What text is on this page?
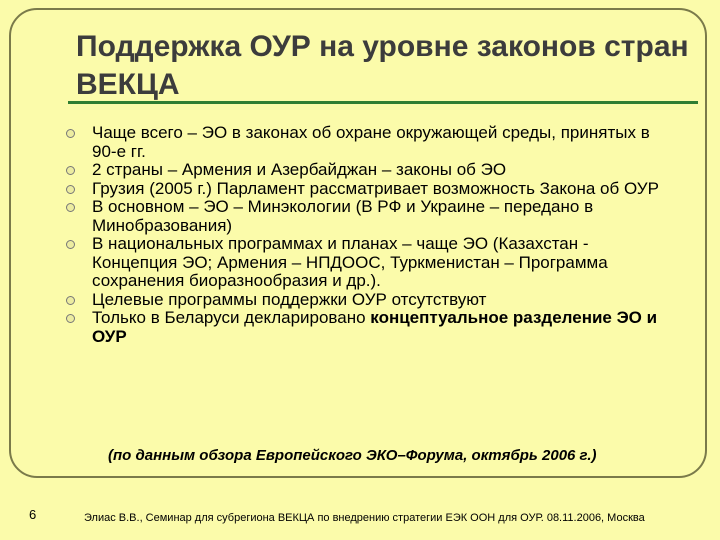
Поддержка ОУР на уровне законов стран ВЕКЦА
Чаще всего – ЭО в законах об охране окружающей среды, принятых в 90-е гг.
2 страны – Армения и Азербайджан – законы об ЭО
Грузия (2005 г.) Парламент рассматривает возможность Закона об ОУР
В основном – ЭО – Минэкологии (В РФ и Украине – передано в Минобразования)
В национальных программах и планах – чаще ЭО (Казахстан - Концепция ЭО; Армения – НПДООС, Туркменистан – Программа сохранения биоразнообразия и др.).
Целевые программы поддержки ОУР отсутствуют
Только в Беларуси декларировано концептуальное разделение ЭО и ОУР
(по данным обзора Европейского ЭКО–Форума, октябрь 2006 г.)
6	Элиас В.В., Семинар для субрегиона ВЕКЦА по внедрению стратегии ЕЭК ООН для ОУР. 08.11.2006, Москва
